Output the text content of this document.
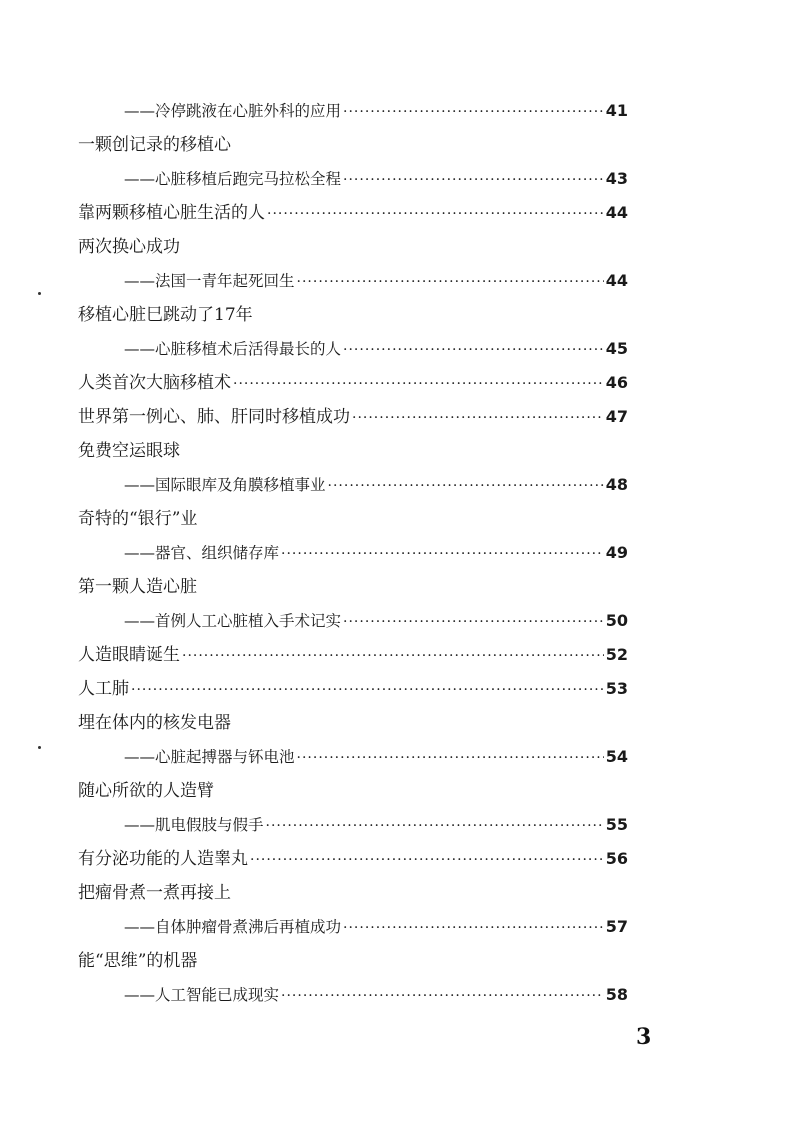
——冷停跳液在心脏外科的应用 ·····	41
一颗创记录的移植心
——心脏移植后跑完马拉松全程 ·····	43
靠两颗移植心脏生活的人 ·····	44
两次换心成功
——法国一青年起死回生 ·····	44
移植心脏巳跳动了17年
——心脏移植术后活得最长的人 ·····	45
人类首次大脑移植术 ·····	46
世界第一例心、肺、肝同时移植成功 ·····	47
免费空运眼球
——国际眼库及角膜移植事业 ·····	48
奇特的“银行”业
——器官、组织储存库 ·····	49
第一颗人造心脏
——首例人工心脏植入手术记实 ·····	50
人造眼睛诞生 ·····	52
人工肺 ·····	53
埋在体内的核发电器
——心脏起搏器与钚电池 ·····	54
随心所欲的人造臂
——肌电假肢与假手 ·····	55
有分泌功能的人造睾丸 ·····	56
把瘤骨煮一煮再接上
——自体肿瘤骨煮沸后再植成功 ·····	57
能“思维”的机器
——人工智能已成现实 ·····	58
3
